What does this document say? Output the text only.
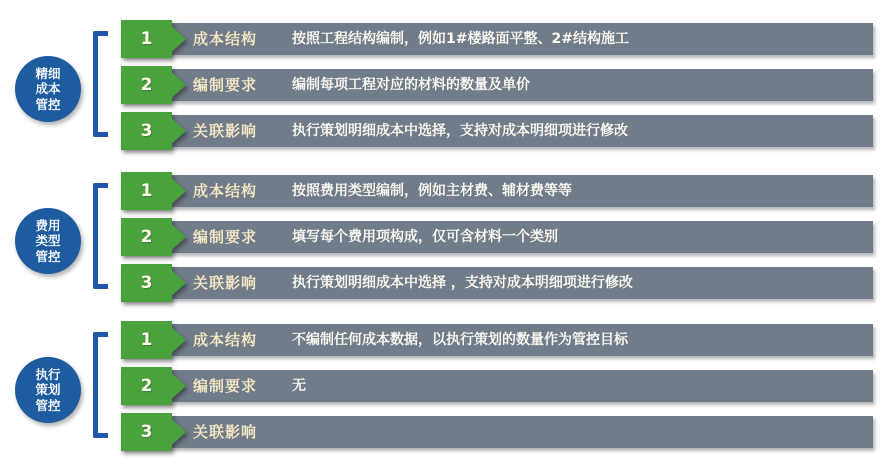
精细
成本
管控
成本结构 按照工程结构编制，例如1#楼路面平整、2#结构施工
1
编制要求 编制每项工程对应的材料的数量及单价
2
关联影响 执行策划明细成本中选择，支持对成本明细项进行修改
3
费用
类型
管控
成本结构 按照费用类型编制，例如主材费、辅材费等等
1
编制要求 填写每个费用项构成，仅可含材料一个类别
2
关联影响 执行策划明细成本中选择 ，支持对成本明细项进行修改
3
执行
策划
管控
成本结构 不编制任何成本数据，以执行策划的数量作为管控目标
1
编制要求 无
2
关联影响
3
